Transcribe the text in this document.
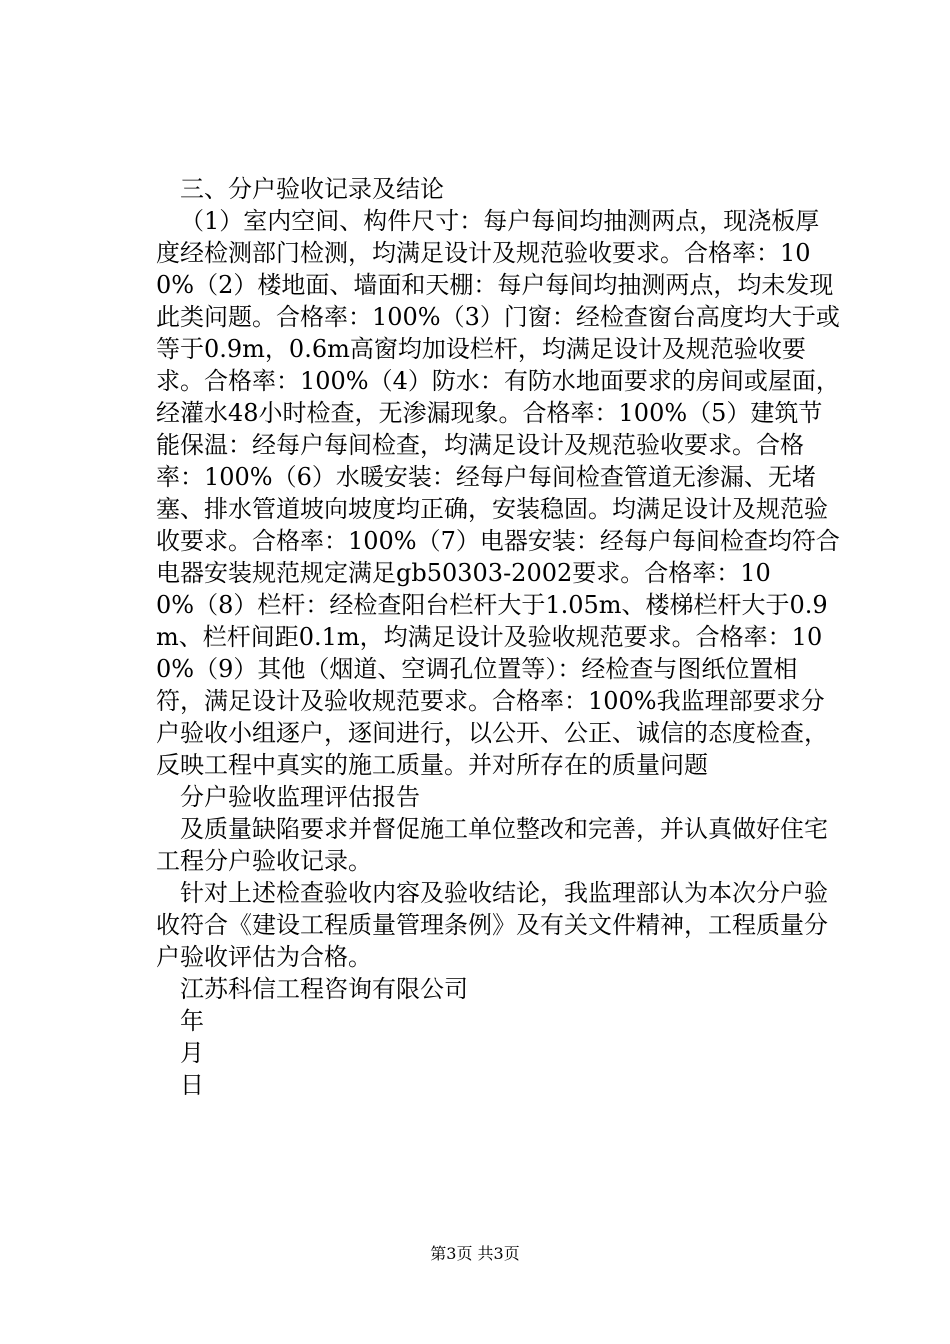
三、分户验收记录及结论

（1）室内空间、构件尺寸：每户每间均抽测两点，现浇板厚度经检测部门检测，均满足设计及规范验收要求。合格率：100%（2）楼地面、墙面和天棚：每户每间均抽测两点，均未发现此类问题。合格率：100%（3）门窗：经检查窗台高度均大于或等于0.9m，0.6m高窗均加设栏杆，均满足设计及规范验收要求。合格率：100%（4）防水：有防水地面要求的房间或屋面，经灌水48小时检查，无渗漏现象。合格率：100%（5）建筑节能保温：经每户每间检查，均满足设计及规范验收要求。合格率：100%（6）水暖安装：经每户每间检查管道无渗漏、无堵塞、排水管道坡向坡度均正确，安装稳固。均满足设计及规范验收要求。合格率：100%（7）电器安装：经每户每间检查均符合电器安装规范规定满足gb50303-2002要求。合格率：100%（8）栏杆：经检查阳台栏杆大于1.05m、楼梯栏杆大于0.9m、栏杆间距0.1m，均满足设计及验收规范要求。合格率：100%（9）其他（烟道、空调孔位置等）：经检查与图纸位置相符，满足设计及验收规范要求。合格率：100%我监理部要求分户验收小组逐户，逐间进行，以公开、公正、诚信的态度检查，反映工程中真实的施工质量。并对所存在的质量问题

分户验收监理评估报告

及质量缺陷要求并督促施工单位整改和完善，并认真做好住宅工程分户验收记录。

针对上述检查验收内容及验收结论，我监理部认为本次分户验收符合《建设工程质量管理条例》及有关文件精神，工程质量分户验收评估为合格。

江苏科信工程咨询有限公司

年

月

日

第3页 共3页
